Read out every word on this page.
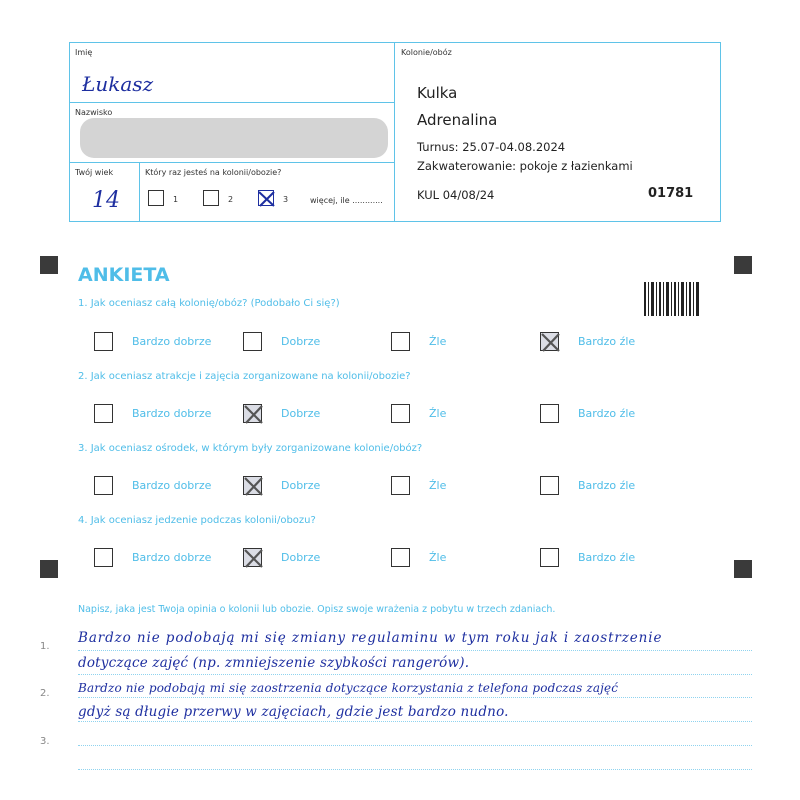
Imię
Łukasz
Nazwisko
Twój wiek
14
Który raz jesteś na kolonii/obozie?
1	2	3	więcej, ile ............
Kolonie/obóz
Kulka
Adrenalina
Turnus: 25.07-04.08.2024
Zakwaterowanie: pokoje z łazienkami
KUL 04/08/24	01781
ANKIETA
1. Jak oceniasz całą kolonię/obóz? (Podobało Ci się?)
Bardzo dobrze	Dobrze	Źle	Bardzo źle
2. Jak oceniasz atrakcje i zajęcia zorganizowane na kolonii/obozie?
Bardzo dobrze	Dobrze	Źle	Bardzo źle
3. Jak oceniasz ośrodek, w którym były zorganizowane kolonie/obóz?
Bardzo dobrze	Dobrze	Źle	Bardzo źle
4. Jak oceniasz jedzenie podczas kolonii/obozu?
Bardzo dobrze	Dobrze	Źle	Bardzo źle
Napisz, jaka jest Twoja opinia o kolonii lub obozie. Opisz swoje wrażenia z pobytu w trzech zdaniach.
1.
2.
3.
Bardzo nie podobają mi się zmiany regulaminu w tym roku jak i zaostrzenie
dotyczące zajęć (np. zmniejszenie szybkości rangerów).
Bardzo nie podobają mi się zaostrzenia dotyczące korzystania z telefona podczas zajęć
gdyż są długie przerwy w zajęciach, gdzie jest bardzo nudno.
